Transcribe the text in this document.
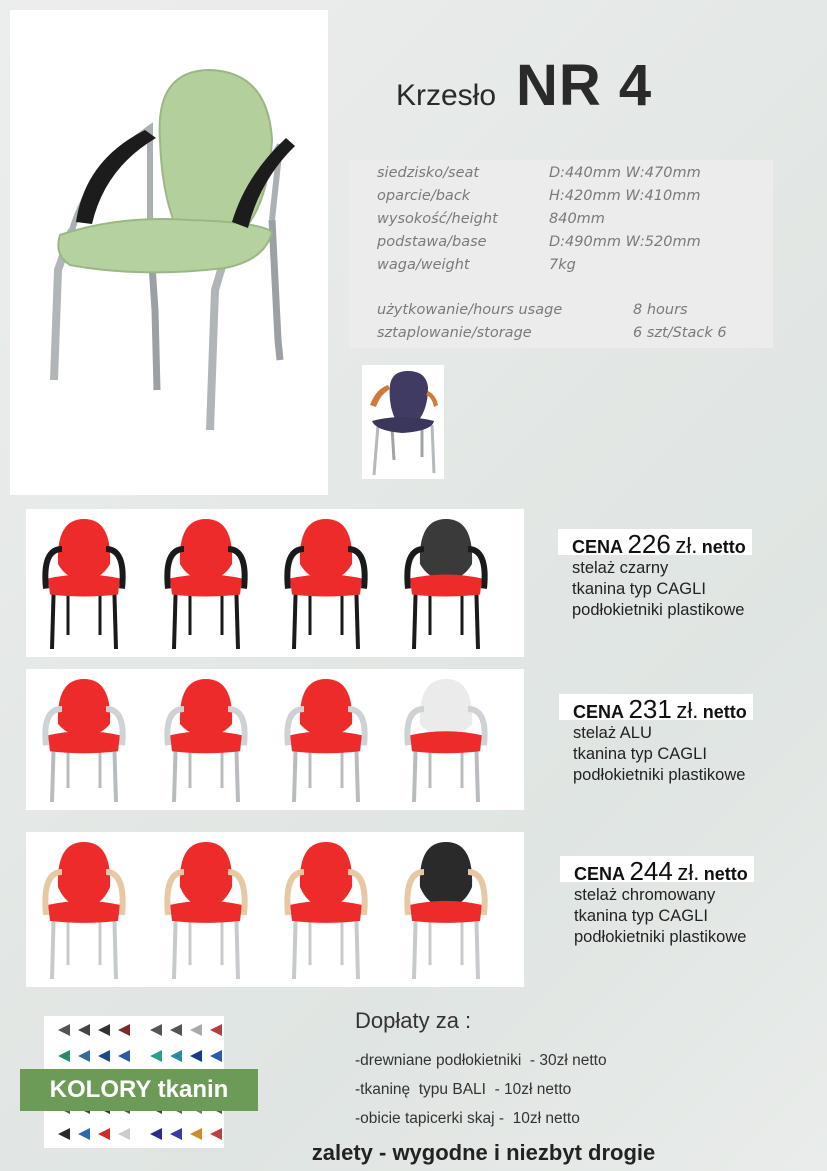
Krzesło NR 4
siedzisko/seat	D:440mm W:470mm
oparcie/back	H:420mm W:410mm
wysokość/height	840mm
podstawa/base	D:490mm W:520mm
waga/weight	7kg
użytkowanie/hours usage	8 hours
sztaplowanie/storage	6 szt/Stack 6
CENA 226 zł. netto
stelaż czarny
tkanina typ CAGLI
podłokietniki plastikowe
CENA 231 zł. netto
stelaż ALU
tkanina typ CAGLI
podłokietniki plastikowe
CENA 244 zł. netto
stelaż chromowany
tkanina typ CAGLI
podłokietniki plastikowe
KOLORY tkanin
Dopłaty za :
-drewniane podłokietniki  - 30zł netto
-tkaninę  typu BALI  - 10zł netto
-obicie tapicerki skaj -  10zł netto
zalety - wygodne i niezbyt drogie
